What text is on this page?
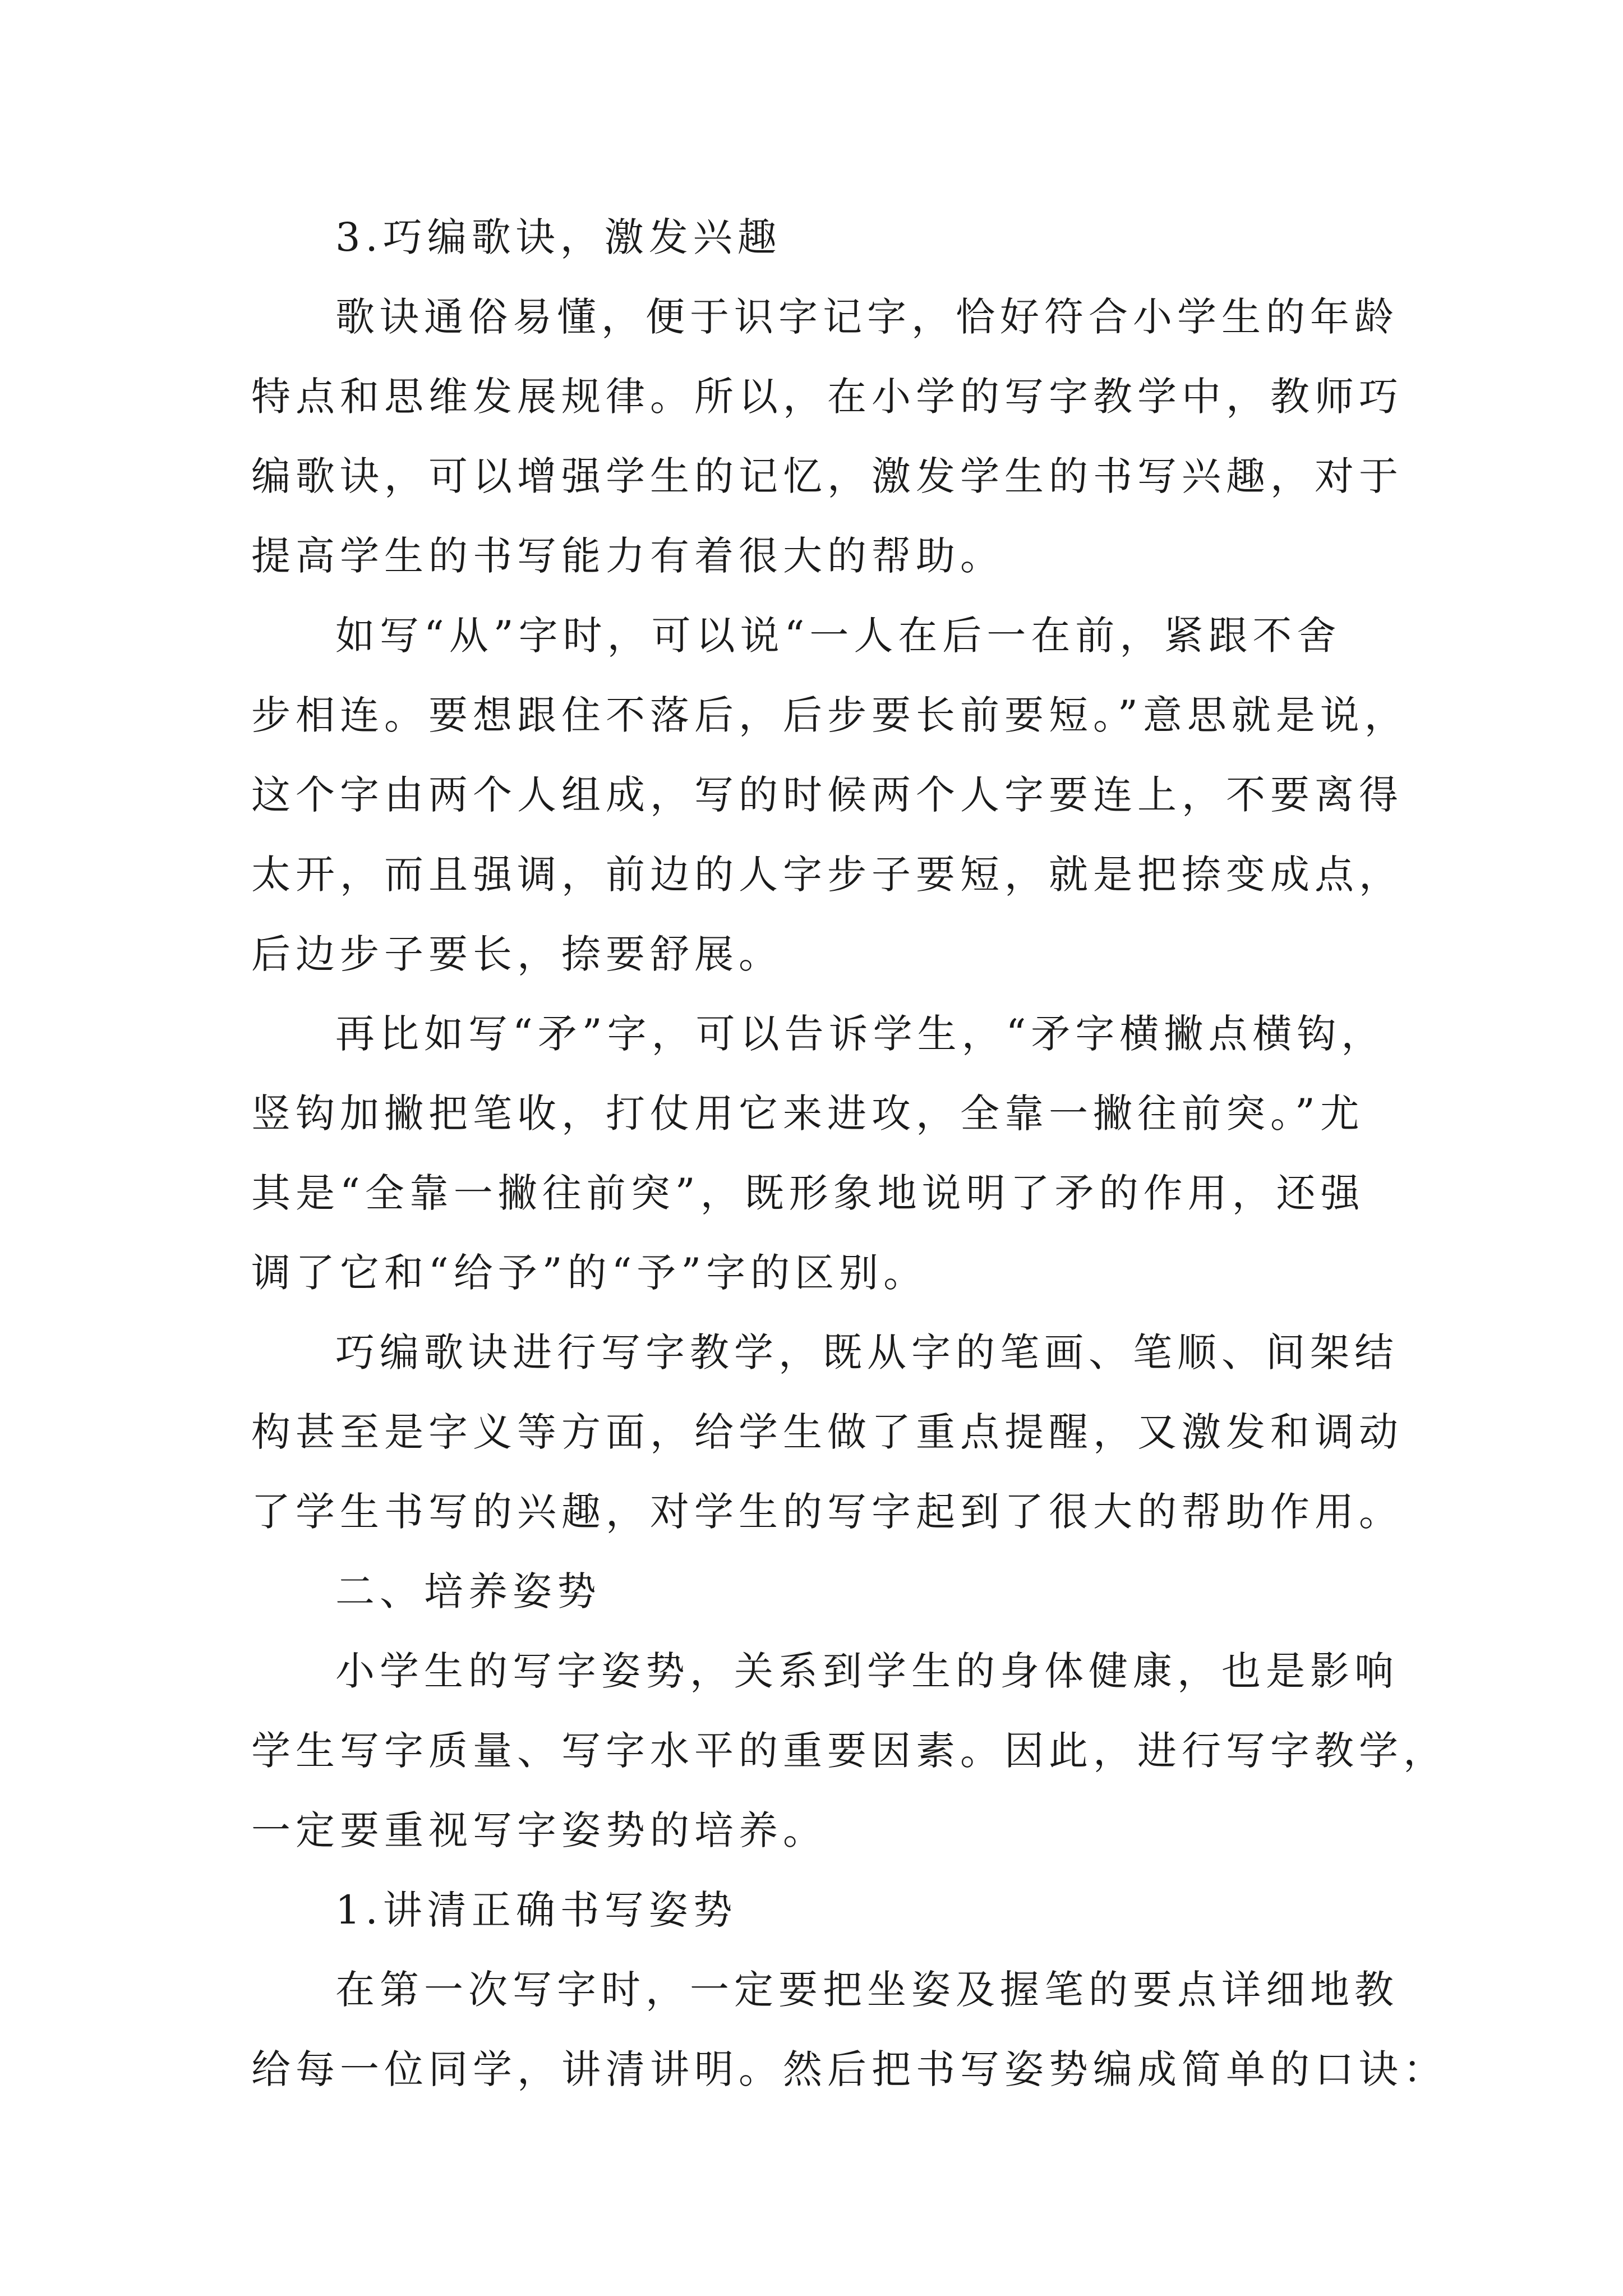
3.巧编歌诀，激发兴趣
歌诀通俗易懂，便于识字记字，恰好符合小学生的年龄
特点和思维发展规律。所以，在小学的写字教学中，教师巧
编歌诀，可以增强学生的记忆，激发学生的书写兴趣，对于
提高学生的书写能力有着很大的帮助。
如写“从”字时，可以说“一人在后一在前，紧跟不舍
步相连。要想跟住不落后，后步要长前要短。”意思就是说，
这个字由两个人组成，写的时候两个人字要连上，不要离得
太开，而且强调，前边的人字步子要短，就是把捺变成点，
后边步子要长，捺要舒展。
再比如写“矛”字，可以告诉学生，“矛字横撇点横钩，
竖钩加撇把笔收，打仗用它来进攻，全靠一撇往前突。”尤
其是“全靠一撇往前突”，既形象地说明了矛的作用，还强
调了它和“给予”的“予”字的区别。
巧编歌诀进行写字教学，既从字的笔画、笔顺、间架结
构甚至是字义等方面，给学生做了重点提醒，又激发和调动
了学生书写的兴趣，对学生的写字起到了很大的帮助作用。
二、培养姿势
小学生的写字姿势，关系到学生的身体健康，也是影响
学生写字质量、写字水平的重要因素。因此，进行写字教学，
一定要重视写字姿势的培养。
1.讲清正确书写姿势
在第一次写字时，一定要把坐姿及握笔的要点详细地教
给每一位同学，讲清讲明。然后把书写姿势编成简单的口诀：
